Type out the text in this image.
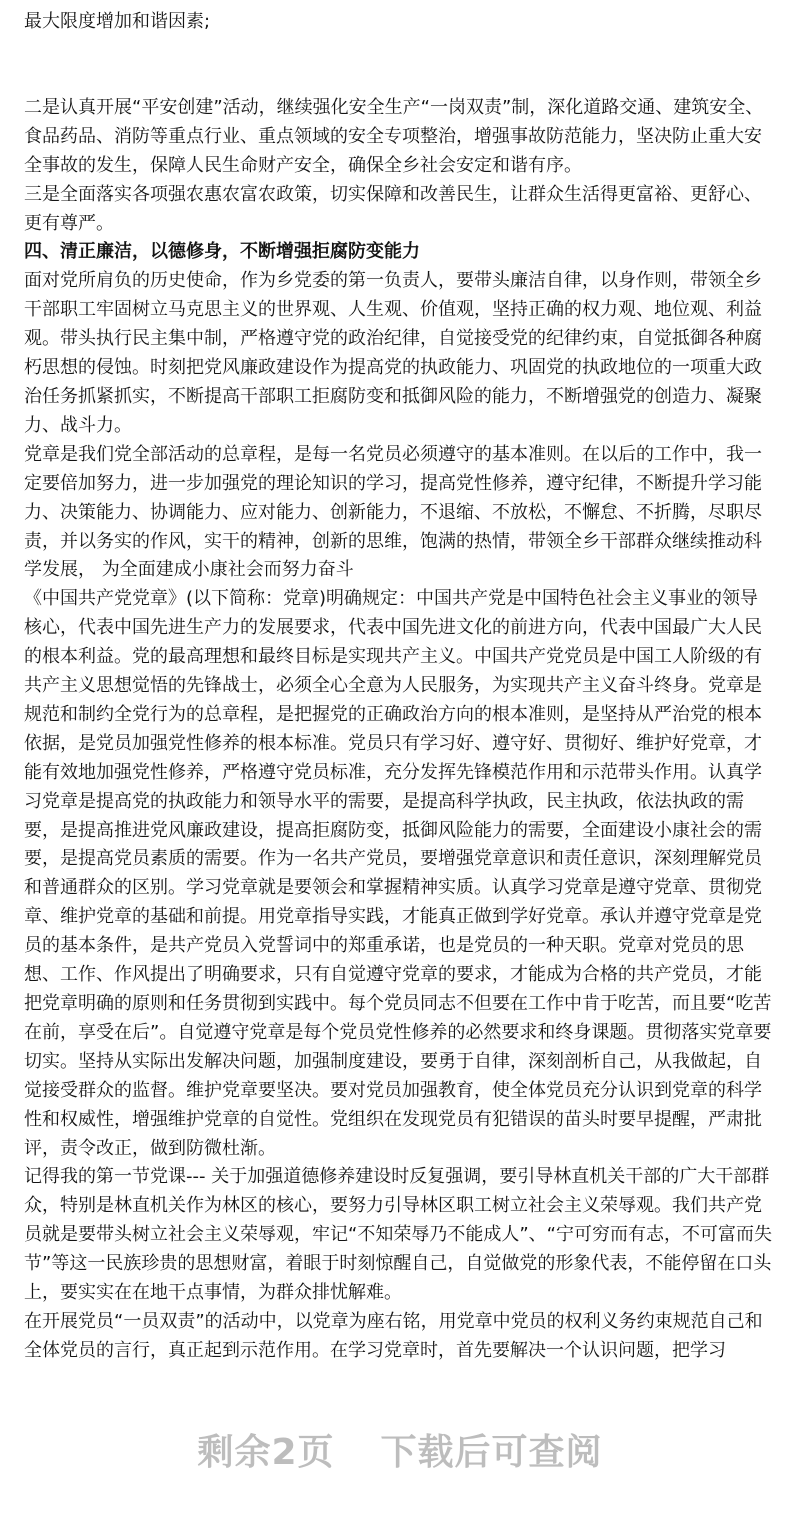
最大限度增加和谐因素;

二是认真开展“平安创建”活动，继续强化安全生产“一岗双责”制，深化道路交通、建筑安全、食品药品、消防等重点行业、重点领域的安全专项整治，增强事故防范能力，坚决防止重大安全事故的发生，保障人民生命财产安全，确保全乡社会安定和谐有序。

三是全面落实各项强农惠农富农政策，切实保障和改善民生，让群众生活得更富裕、更舒心、更有尊严。

四、清正廉洁，以德修身，不断增强拒腐防变能力

面对党所肩负的历史使命，作为乡党委的第一负责人，要带头廉洁自律，以身作则，带领全乡干部职工牢固树立马克思主义的世界观、人生观、价值观，坚持正确的权力观、地位观、利益观。带头执行民主集中制，严格遵守党的政治纪律，自觉接受党的纪律约束，自觉抵御各种腐朽思想的侵蚀。时刻把党风廉政建设作为提高党的执政能力、巩固党的执政地位的一项重大政治任务抓紧抓实，不断提高干部职工拒腐防变和抵御风险的能力，不断增强党的创造力、凝聚力、战斗力。

党章是我们党全部活动的总章程，是每一名党员必须遵守的基本准则。在以后的工作中，我一定要倍加努力，进一步加强党的理论知识的学习，提高党性修养，遵守纪律，不断提升学习能力、决策能力、协调能力、应对能力、创新能力，不退缩、不放松，不懈怠、不折腾，尽职尽责，并以务实的作风，实干的精神，创新的思维，饱满的热情，带领全乡干部群众继续推动科学发展， 为全面建成小康社会而努力奋斗

《中国共产党党章》(以下简称：党章)明确规定：中国共产党是中国特色社会主义事业的领导核心，代表中国先进生产力的发展要求，代表中国先进文化的前进方向，代表中国最广大人民的根本利益。党的最高理想和最终目标是实现共产主义。中国共产党党员是中国工人阶级的有共产主义思想觉悟的先锋战士，必须全心全意为人民服务，为实现共产主义奋斗终身。党章是规范和制约全党行为的总章程，是把握党的正确政治方向的根本准则，是坚持从严治党的根本依据，是党员加强党性修养的根本标准。党员只有学习好、遵守好、贯彻好、维护好党章，才能有效地加强党性修养，严格遵守党员标准，充分发挥先锋模范作用和示范带头作用。认真学习党章是提高党的执政能力和领导水平的需要，是提高科学执政，民主执政，依法执政的需要，是提高推进党风廉政建设，提高拒腐防变，抵御风险能力的需要，全面建设小康社会的需要，是提高党员素质的需要。作为一名共产党员，要增强党章意识和责任意识，深刻理解党员和普通群众的区别。学习党章就是要领会和掌握精神实质。认真学习党章是遵守党章、贯彻党章、维护党章的基础和前提。用党章指导实践，才能真正做到学好党章。承认并遵守党章是党员的基本条件，是共产党员入党誓词中的郑重承诺，也是党员的一种天职。党章对党员的思想、工作、作风提出了明确要求，只有自觉遵守党章的要求，才能成为合格的共产党员，才能把党章明确的原则和任务贯彻到实践中。每个党员同志不但要在工作中肯于吃苦，而且要“吃苦在前，享受在后”。自觉遵守党章是每个党员党性修养的必然要求和终身课题。贯彻落实党章要切实。坚持从实际出发解决问题，加强制度建设，要勇于自律，深刻剖析自己，从我做起，自觉接受群众的监督。维护党章要坚决。要对党员加强教育，使全体党员充分认识到党章的科学性和权威性，增强维护党章的自觉性。党组织在发现党员有犯错误的苗头时要早提醒，严肃批评，责令改正，做到防微杜渐。

记得我的第一节党课--- 关于加强道德修养建设时反复强调，要引导林直机关干部的广大干部群众，特别是林直机关作为林区的核心，要努力引导林区职工树立社会主义荣辱观。我们共产党员就是要带头树立社会主义荣辱观，牢记“不知荣辱乃不能成人”、“宁可穷而有志，不可富而失节”等这一民族珍贵的思想财富，着眼于时刻惊醒自己，自觉做党的形象代表，不能停留在口头上，要实实在在地干点事情，为群众排忧解难。

在开展党员“一员双责”的活动中，以党章为座右铭，用党章中党员的权利义务约束规范自己和全体党员的言行，真正起到示范作用。在学习党章时，首先要解决一个认识问题，把学习

剩余2页 下载后可查阅
